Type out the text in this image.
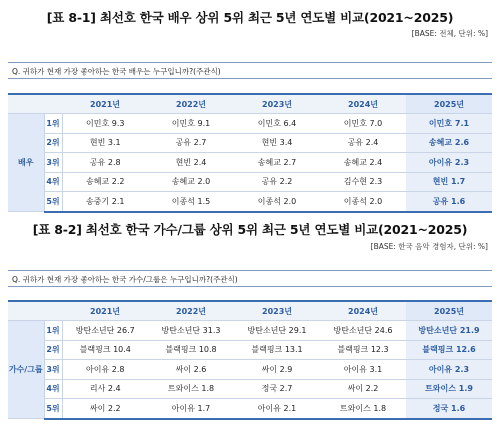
[표 8-1] 최선호 한국 배우 상위 5위 최근 5년 연도별 비교(2021~2025)
[BASE: 전체, 단위: %]
Q. 귀하가 현재 가장 좋아하는 한국 배우는 누구입니까?(주관식)
		2021년	2022년	2023년	2024년	2025년
배우	1위	이민호 9.3	이민호 9.1	이민호 6.4	이민호 7.0	이민호 7.1
	2위	현빈 3.1	공유 2.7	현빈 3.4	공유 2.4	송혜교 2.6
	3위	공유 2.8	현빈 2.4	송혜교 2.7	송혜교 2.4	아이유 2.3
	4위	송혜교 2.2	송혜교 2.0	공유 2.2	김수현 2.3	현빈 1.7
	5위	송중기 2.1	이종석 1.5	이종석 2.0	이종석 2.0	공유 1.6
[표 8-2] 최선호 한국 가수/그룹 상위 5위 최근 5년 연도별 비교(2021~2025)
[BASE: 한국 음악 경험자, 단위: %]
Q. 귀하가 현재 가장 좋아하는 한국 가수/그룹은 누구입니까?(주관식)
		2021년	2022년	2023년	2024년	2025년
가수/그룹	1위	방탄소년단 26.7	방탄소년단 31.3	방탄소년단 29.1	방탄소년단 24.6	방탄소년단 21.9
	2위	블랙핑크 10.4	블랙핑크 10.8	블랙핑크 13.1	블랙핑크 12.3	블랙핑크 12.6
	3위	아이유 2.8	싸이 2.6	싸이 2.9	아이유 3.1	아이유 2.3
	4위	리사 2.4	트와이스 1.8	정국 2.7	싸이 2.2	트와이스 1.9
	5위	싸이 2.2	아이유 1.7	아이유 2.1	트와이스 1.8	정국 1.6
